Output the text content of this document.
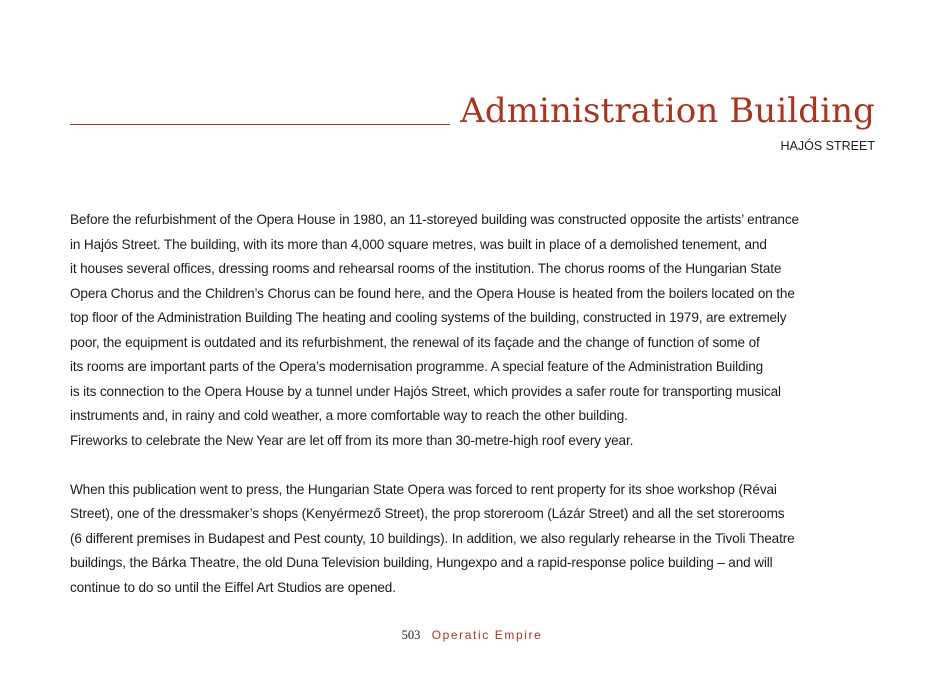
Administration Building
HAJÓS STREET

Before the refurbishment of the Opera House in 1980, an 11-storeyed building was constructed opposite the artists’ entrance
in Hajós Street. The building, with its more than 4,000 square metres, was built in place of a demolished tenement, and
it houses several offices, dressing rooms and rehearsal rooms of the institution. The chorus rooms of the Hungarian State
Opera Chorus and the Children’s Chorus can be found here, and the Opera House is heated from the boilers located on the
top floor of the Administration Building The heating and cooling systems of the building, constructed in 1979, are extremely
poor, the equipment is outdated and its refurbishment, the renewal of its façade and the change of function of some of
its rooms are important parts of the Opera’s modernisation programme. A special feature of the Administration Building
is its connection to the Opera House by a tunnel under Hajós Street, which provides a safer route for transporting musical
instruments and, in rainy and cold weather, a more comfortable way to reach the other building.
Fireworks to celebrate the New Year are let off from its more than 30-metre-high roof every year.

When this publication went to press, the Hungarian State Opera was forced to rent property for its shoe workshop (Révai
Street), one of the dressmaker’s shops (Kenyérmező Street), the prop storeroom (Lázár Street) and all the set storerooms
(6 different premises in Budapest and Pest county, 10 buildings). In addition, we also regularly rehearse in the Tivoli Theatre
buildings, the Bárka Theatre, the old Duna Television building, Hungexpo and a rapid-response police building – and will
continue to do so until the Eiffel Art Studios are opened.

503 Operatic Empire
